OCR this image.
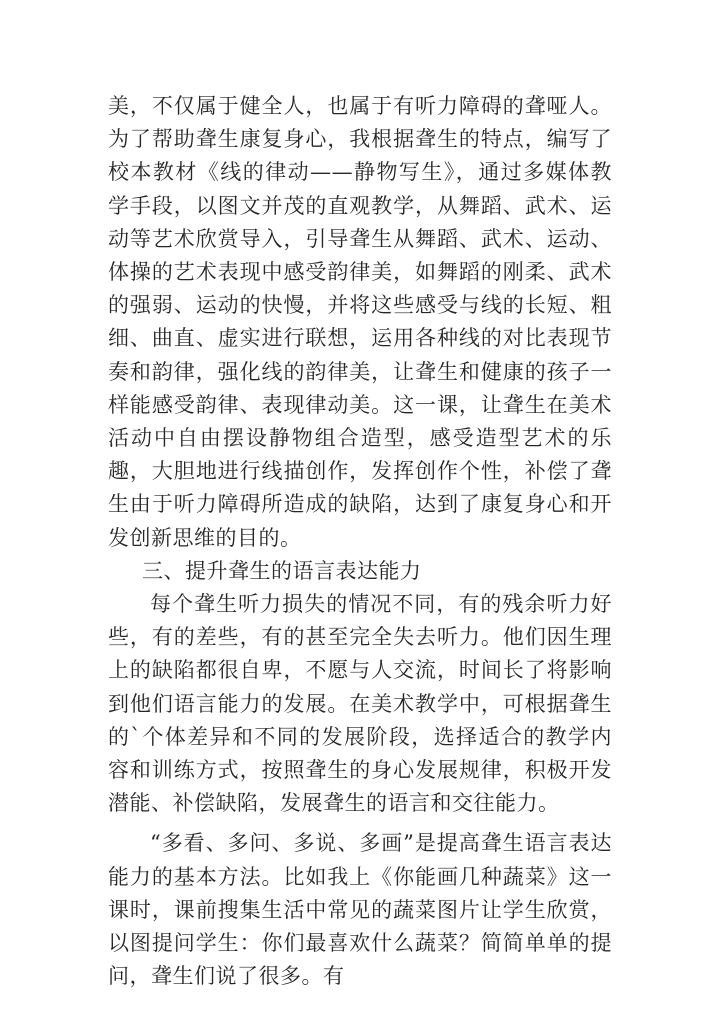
美，不仅属于健全人，也属于有听力障碍的聋哑人。为了帮助聋生康复身心，我根据聋生的特点，编写了校本教材《线的律动——静物写生》，通过多媒体教学手段，以图文并茂的直观教学，从舞蹈、武术、运动等艺术欣赏导入，引导聋生从舞蹈、武术、运动、体操的艺术表现中感受韵律美，如舞蹈的刚柔、武术的强弱、运动的快慢，并将这些感受与线的长短、粗细、曲直、虚实进行联想，运用各种线的对比表现节奏和韵律，强化线的韵律美，让聋生和健康的孩子一样能感受韵律、表现律动美。这一课，让聋生在美术活动中自由摆设静物组合造型，感受造型艺术的乐趣，大胆地进行线描创作，发挥创作个性，补偿了聋生由于听力障碍所造成的缺陷，达到了康复身心和开发创新思维的目的。

三、提升聋生的语言表达能力

每个聋生听力损失的情况不同，有的残余听力好些，有的差些，有的甚至完全失去听力。他们因生理上的缺陷都很自卑，不愿与人交流，时间长了将影响到他们语言能力的发展。在美术教学中，可根据聋生的`个体差异和不同的发展阶段，选择适合的教学内容和训练方式，按照聋生的身心发展规律，积极开发潜能、补偿缺陷，发展聋生的语言和交往能力。

“多看、多问、多说、多画”是提高聋生语言表达能力的基本方法。比如我上《你能画几种蔬菜》这一课时，课前搜集生活中常见的蔬菜图片让学生欣赏，以图提问学生：你们最喜欢什么蔬菜？简简单单的提问，聋生们说了很多。有
